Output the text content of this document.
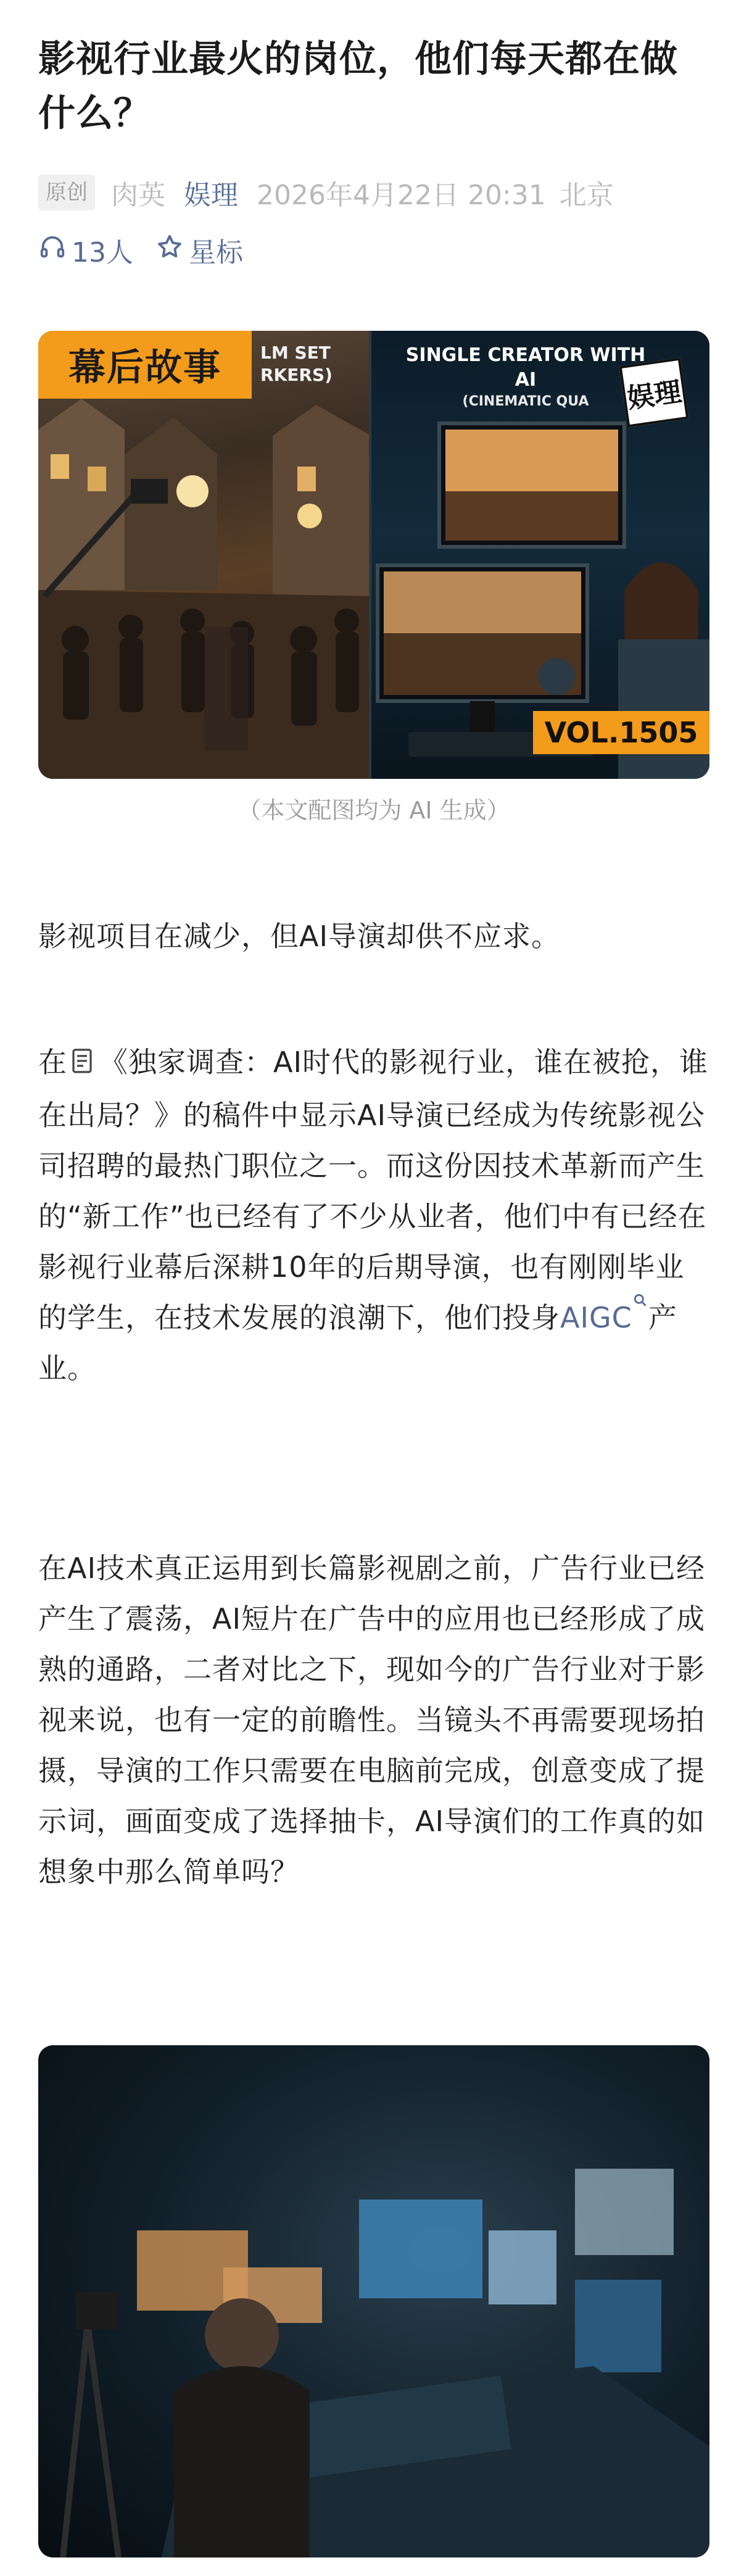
影视行业最火的岗位，他们每天都在做什么？
原创 肉英 娱理 2026年4月22日 20:31 北京
13人 星标
幕后故事	LM SET
RKERS)
SINGLE CREATOR WITH AI
(CINEMATIC QUA	娱理
VOL.1505
（本文配图均为 AI 生成）
影视项目在减少，但AI导演却供不应求。
在 《独家调查：AI时代的影视行业，谁在被抢，谁在出局？》的稿件中显示AI导演已经成为传统影视公司招聘的最热门职位之一。而这份因技术革新而产生的“新工作”也已经有了不少从业者，他们中有已经在影视行业幕后深耕10年的后期导演，也有刚刚毕业的学生，在技术发展的浪潮下，他们投身AIGC 产业。
在AI技术真正运用到长篇影视剧之前，广告行业已经产生了震荡，AI短片在广告中的应用也已经形成了成熟的通路，二者对比之下，现如今的广告行业对于影视来说，也有一定的前瞻性。当镜头不再需要现场拍摄，导演的工作只需要在电脑前完成，创意变成了提示词，画面变成了选择抽卡，AI导演们的工作真的如想象中那么简单吗？
